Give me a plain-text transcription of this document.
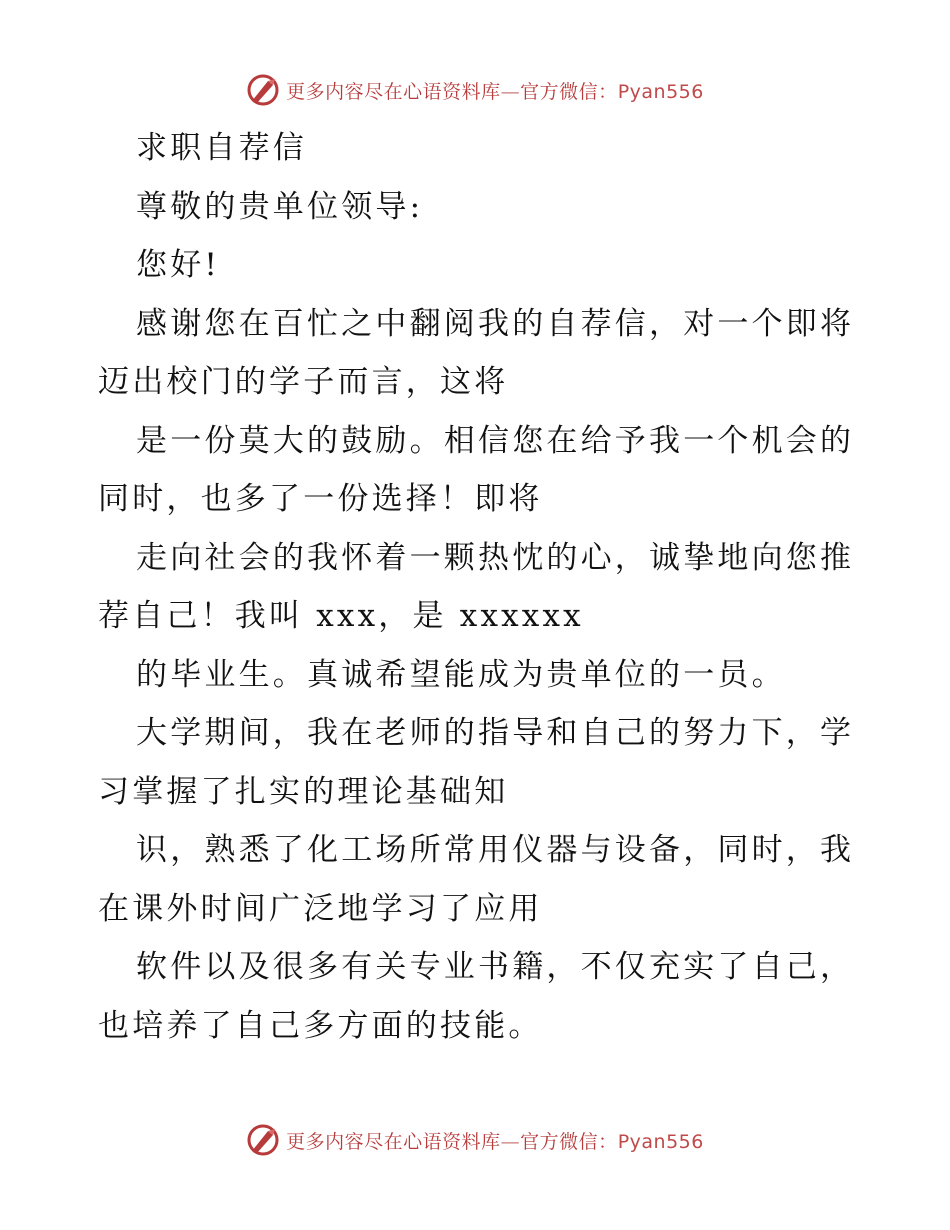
更多内容尽在心语资料库—官方微信：Pyan556
求职自荐信
尊敬的贵单位领导:
您好!
感谢您在百忙之中翻阅我的自荐信，对一个即将
迈出校门的学子而言，这将
是一份莫大的鼓励。相信您在给予我一个机会的
同时，也多了一份选择！即将
走向社会的我怀着一颗热忱的心，诚挚地向您推
荐自己！我叫 xxx，是 xxxxxx
的毕业生。真诚希望能成为贵单位的一员。
大学期间，我在老师的指导和自己的努力下，学
习掌握了扎实的理论基础知
识，熟悉了化工场所常用仪器与设备，同时，我
在课外时间广泛地学习了应用
软件以及很多有关专业书籍，不仅充实了自己，
也培养了自己多方面的技能。
更多内容尽在心语资料库—官方微信：Pyan556
